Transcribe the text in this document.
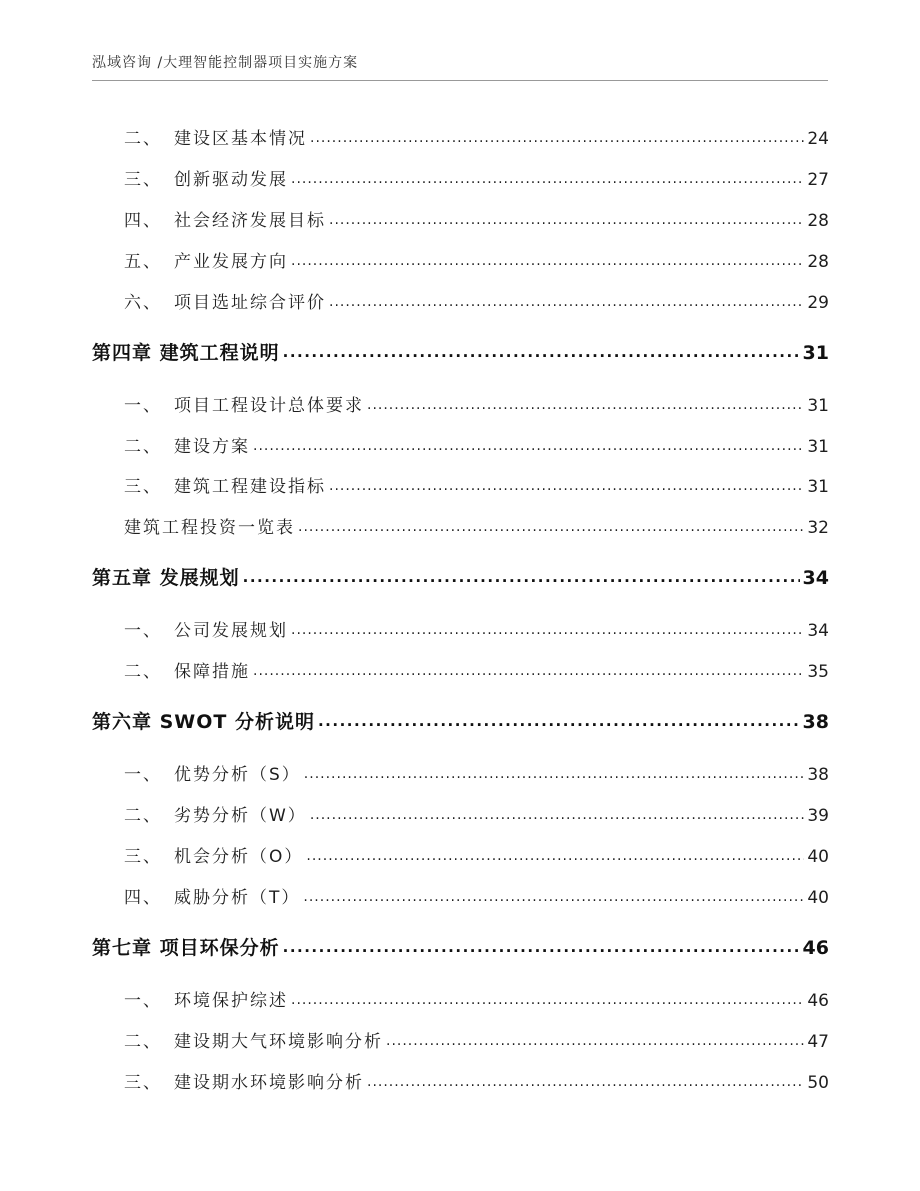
泓域咨询 /大理智能控制器项目实施方案
二、 建设区基本情况 .....	24
三、 创新驱动发展 .....	27
四、 社会经济发展目标 .....	28
五、 产业发展方向 .....	28
六、 项目选址综合评价 .....	29
第四章 建筑工程说明 .....	31
一、 项目工程设计总体要求 .....	31
二、 建设方案 .....	31
三、 建筑工程建设指标 .....	31
建筑工程投资一览表 .....	32
第五章 发展规划 .....	34
一、 公司发展规划 .....	34
二、 保障措施 .....	35
第六章 SWOT 分析说明 .....	38
一、 优势分析（S） .....	38
二、 劣势分析（W） .....	39
三、 机会分析（O） .....	40
四、 威胁分析（T） .....	40
第七章 项目环保分析 .....	46
一、 环境保护综述 .....	46
二、 建设期大气环境影响分析 .....	47
三、 建设期水环境影响分析 .....	50
